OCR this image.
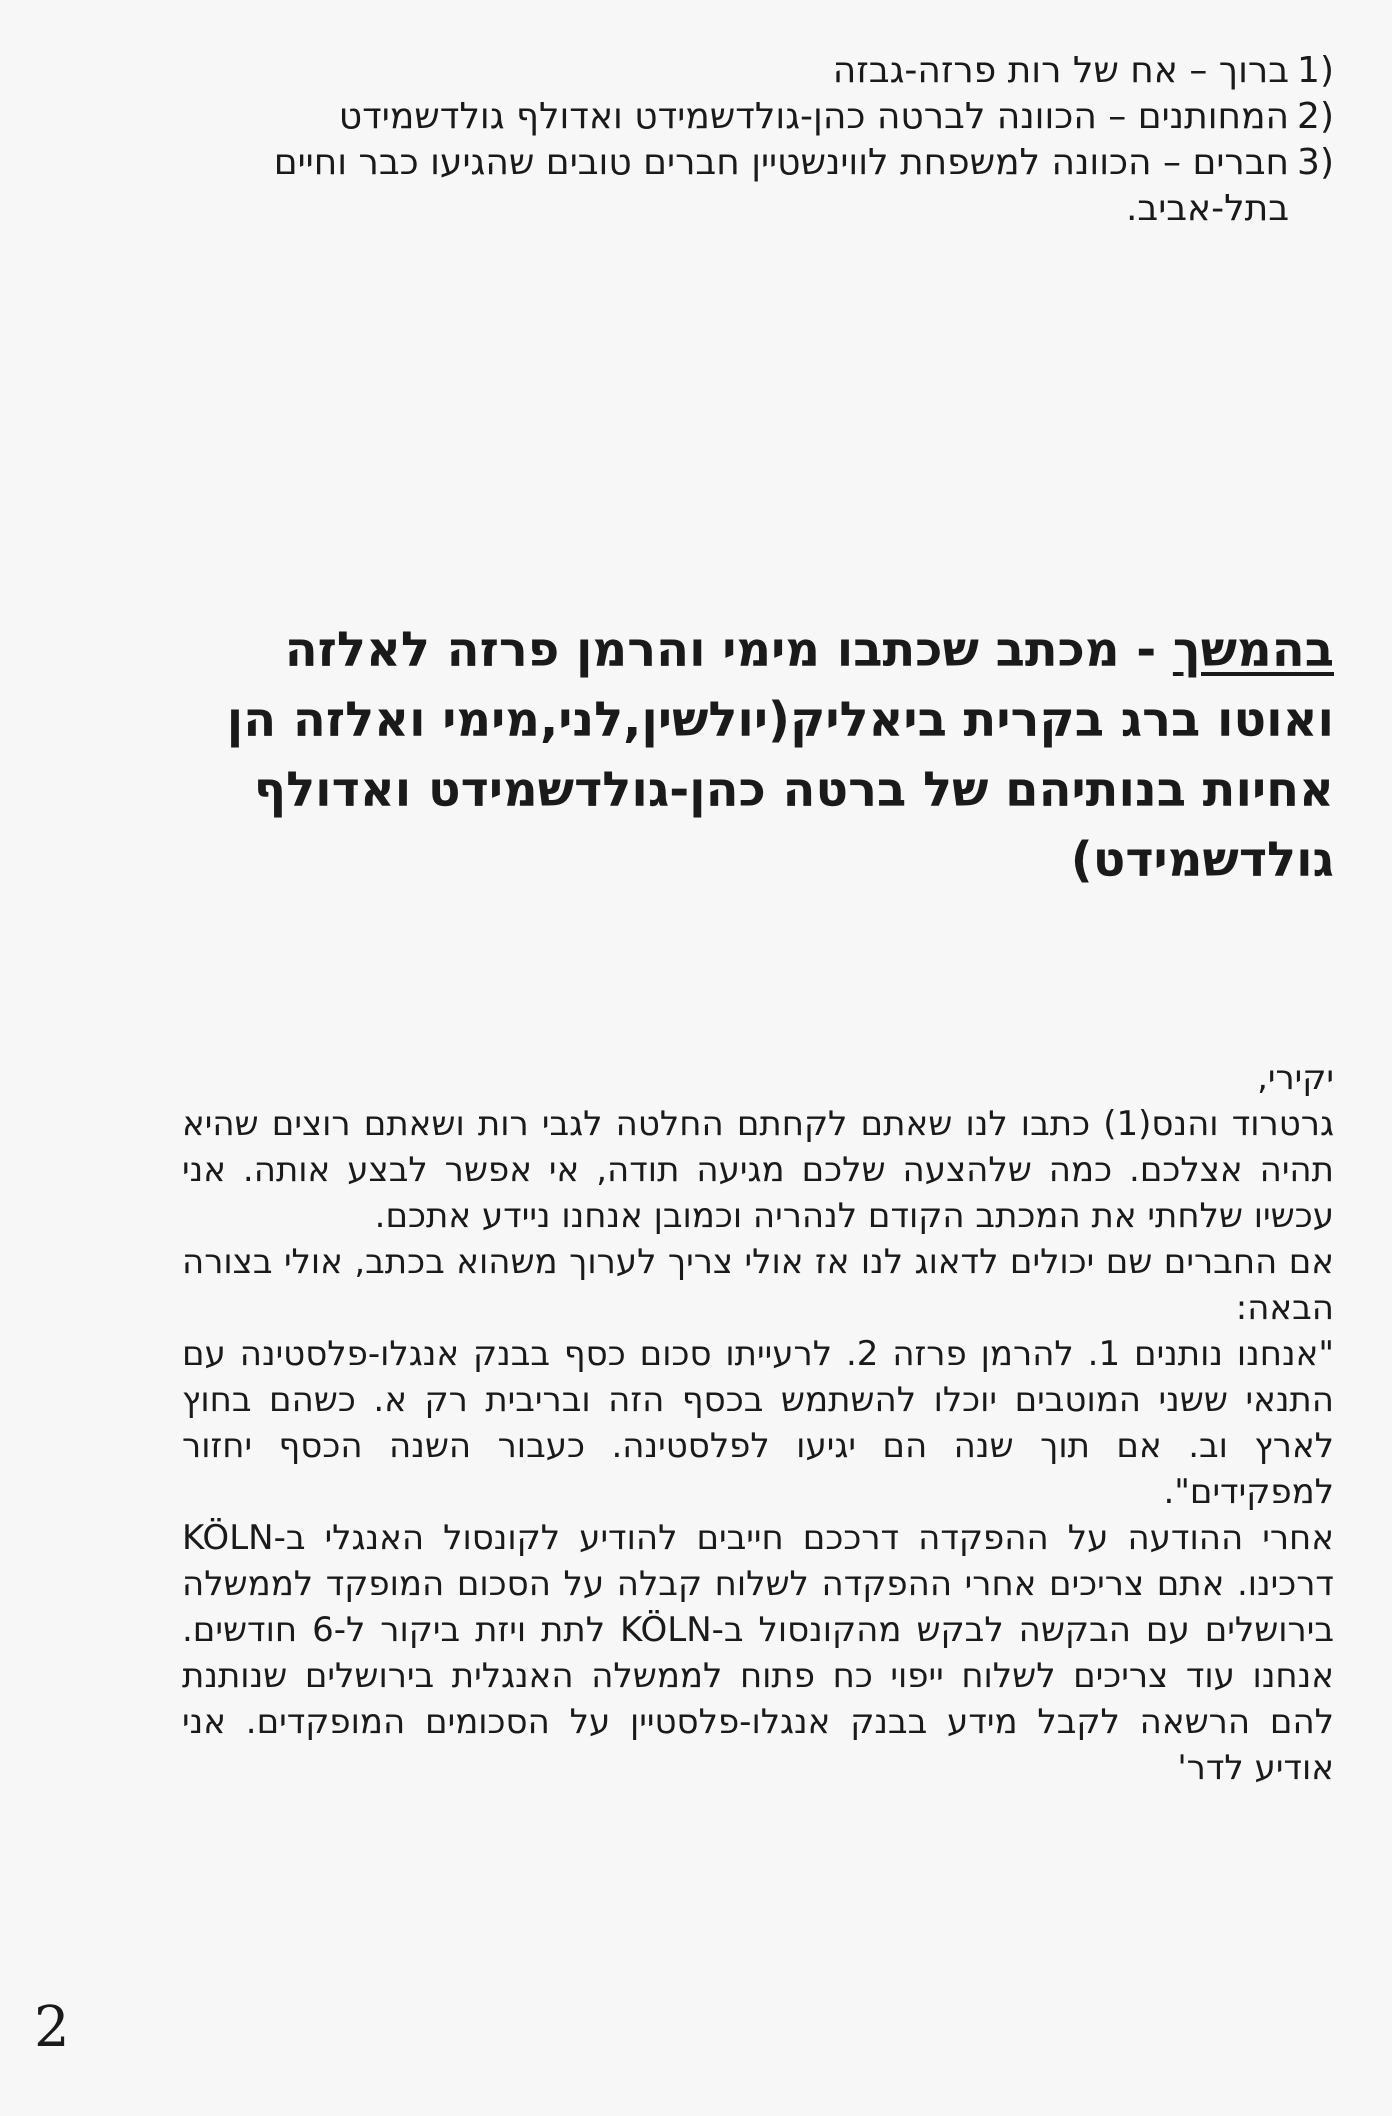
1)
ברוך – אח של רות פרזה-גבזה
2)
המחותנים – הכוונה לברטה כהן-גולדשמידט ואדולף גולדשמידט
3)
חברים – הכוונה למשפחת לווינשטיין חברים טובים שהגיעו כבר וחיים בתל-אביב.
בהמשך - מכתב שכתבו מימי והרמן פרזה לאלזה ואוטו ברג בקרית ביאליק(יולשין,לני,מימי ואלזה הן אחיות בנותיהם של ברטה כהן-גולדשמידט ואדולף גולדשמידט)

יקירי,

גרטרוד והנס(1) כתבו לנו שאתם לקחתם החלטה לגבי רות ושאתם רוצים שהיא תהיה אצלכם. כמה שלהצעה שלכם מגיעה תודה, אי אפשר לבצע אותה. אני עכשיו שלחתי את המכתב הקודם לנהריה וכמובן אנחנו ניידע אתכם.

אם החברים שם יכולים לדאוג לנו אז אולי צריך לערוך משהוא בכתב, אולי בצורה הבאה:

"אנחנו נותנים 1. להרמן פרזה 2. לרעייתו סכום כסף בבנק אנגלו-פלסטינה עם התנאי ששני המוטבים יוכלו להשתמש בכסף הזה ובריבית רק א. כשהם בחוץ לארץ וב. אם תוך שנה הם יגיעו לפלסטינה. כעבור השנה הכסף יחזור למפקידים".

אחרי ההודעה על ההפקדה דרככם חייבים להודיע לקונסול האנגלי ב-KÖLN דרכינו. אתם צריכים אחרי ההפקדה לשלוח קבלה על הסכום המופקד לממשלה בירושלים עם הבקשה לבקש מהקונסול ב-KÖLN לתת ויזת ביקור ל-6 חודשים. אנחנו עוד צריכים לשלוח ייפוי כח פתוח לממשלה האנגלית בירושלים שנותנת להם הרשאה לקבל מידע בבנק אנגלו-פלסטיין על הסכומים המופקדים. אני אודיע לדר'

2
